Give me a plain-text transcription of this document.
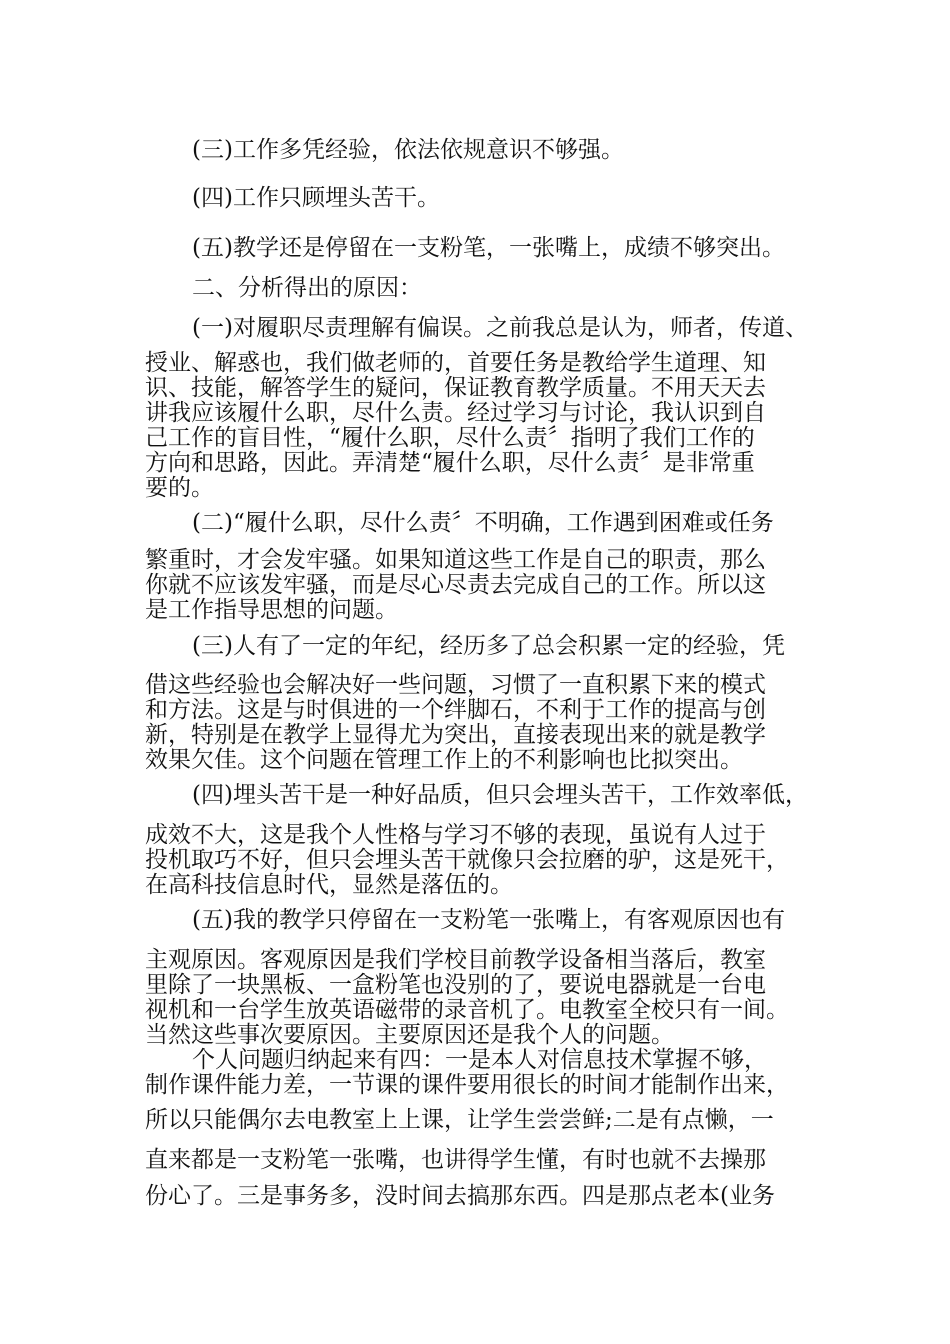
(三)工作多凭经验，依法依规意识不够强。

(四)工作只顾埋头苦干。

(五)教学还是停留在一支粉笔，一张嘴上，成绩不够突出。

二、分析得出的原因：

(一)对履职尽责理解有偏误。之前我总是认为，师者，传道、

授业、解惑也，我们做老师的，首要任务是教给学生道理、知

识、技能，解答学生的疑问，保证教育教学质量。不用天天去

讲我应该履什么职，尽什么责。经过学习与讨论，我认识到自

己工作的盲目性，“履什么职，尽什么责〞指明了我们工作的

方向和思路，因此。弄清楚“履什么职，尽什么责〞是非常重

要的。

(二)“履什么职，尽什么责〞不明确，工作遇到困难或任务

繁重时，才会发牢骚。如果知道这些工作是自己的职责，那么

你就不应该发牢骚，而是尽心尽责去完成自己的工作。所以这

是工作指导思想的问题。

(三)人有了一定的年纪，经历多了总会积累一定的经验，凭

借这些经验也会解决好一些问题，习惯了一直积累下来的模式

和方法。这是与时俱进的一个绊脚石，不利于工作的提高与创

新，特别是在教学上显得尤为突出，直接表现出来的就是教学

效果欠佳。这个问题在管理工作上的不利影响也比拟突出。

(四)埋头苦干是一种好品质，但只会埋头苦干，工作效率低，

成效不大，这是我个人性格与学习不够的表现，虽说有人过于

投机取巧不好，但只会埋头苦干就像只会拉磨的驴，这是死干，

在高科技信息时代，显然是落伍的。

(五)我的教学只停留在一支粉笔一张嘴上，有客观原因也有

主观原因。客观原因是我们学校目前教学设备相当落后，教室

里除了一块黑板、一盒粉笔也没别的了，要说电器就是一台电

视机和一台学生放英语磁带的录音机了。电教室全校只有一间。

当然这些事次要原因。主要原因还是我个人的问题。

个人问题归纳起来有四：一是本人对信息技术掌握不够，

制作课件能力差，一节课的课件要用很长的时间才能制作出来，

所以只能偶尔去电教室上上课，让学生尝尝鲜;二是有点懒，一

直来都是一支粉笔一张嘴，也讲得学生懂，有时也就不去操那

份心了。三是事务多，没时间去搞那东西。四是那点老本(业务
